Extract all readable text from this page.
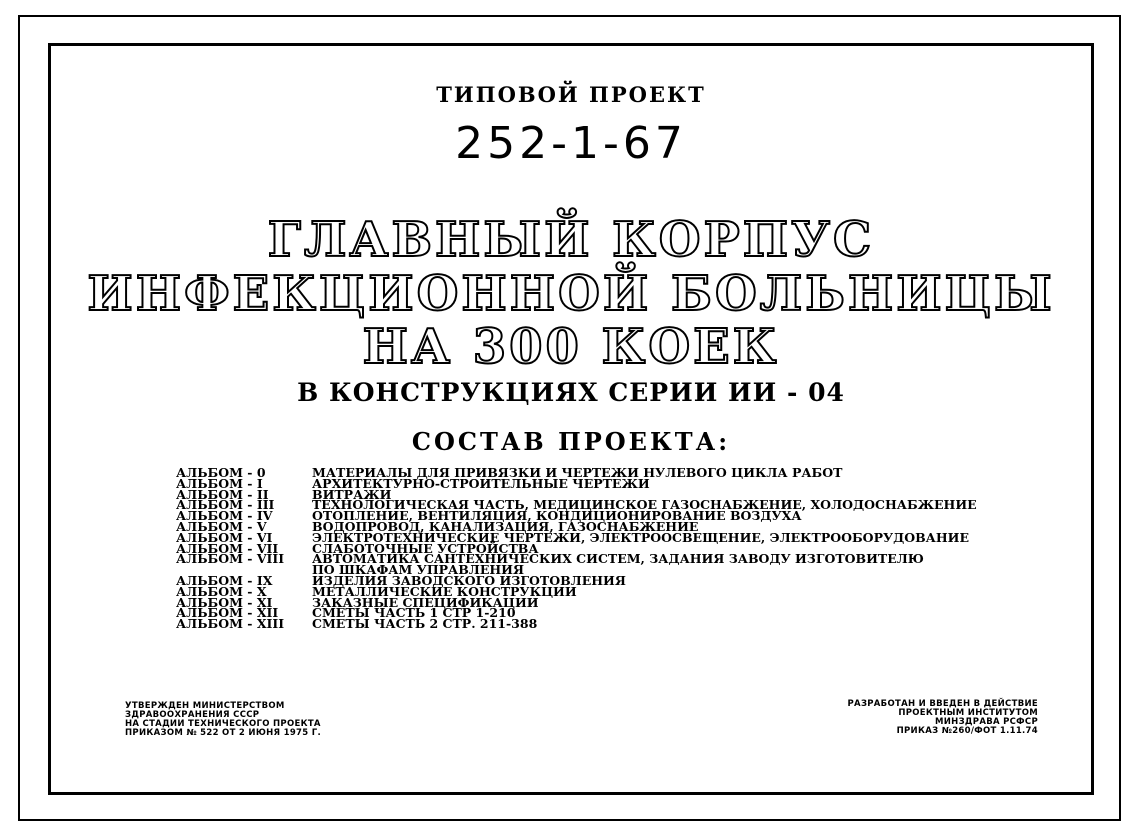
ТИПОВОЙ ПРОЕКТ
252-1-67
ГЛАВНЫЙ КОРПУС
ИНФЕКЦИОННОЙ БОЛЬНИЦЫ
НА 300 КОЕК
В КОНСТРУКЦИЯХ СЕРИИ ИИ - 04
СОСТАВ ПРОЕКТА:
АЛЬБОМ - 0	МАТЕРИАЛЫ ДЛЯ ПРИВЯЗКИ И ЧЕРТЕЖИ НУЛЕВОГО ЦИКЛА РАБОТ
АЛЬБОМ - I	АРХИТЕКТУРНО-СТРОИТЕЛЬНЫЕ ЧЕРТЕЖИ
АЛЬБОМ - II	ВИТРАЖИ
АЛЬБОМ - III	ТЕХНОЛОГИЧЕСКАЯ ЧАСТЬ, МЕДИЦИНСКОЕ ГАЗОСНАБЖЕНИЕ, ХОЛОДОСНАБЖЕНИЕ
АЛЬБОМ - IV	ОТОПЛЕНИЕ, ВЕНТИЛЯЦИЯ, КОНДИЦИОНИРОВАНИЕ ВОЗДУХА
АЛЬБОМ - V	ВОДОПРОВОД, КАНАЛИЗАЦИЯ, ГАЗОСНАБЖЕНИЕ
АЛЬБОМ - VI	ЭЛЕКТРОТЕХНИЧЕСКИЕ ЧЕРТЕЖИ, ЭЛЕКТРООСВЕЩЕНИЕ, ЭЛЕКТРООБОРУДОВАНИЕ
АЛЬБОМ - VII	СЛАБОТОЧНЫЕ УСТРОЙСТВА
АЛЬБОМ - VIII	АВТОМАТИКА САНТЕХНИЧЕСКИХ СИСТЕМ, ЗАДАНИЯ ЗАВОДУ ИЗГОТОВИТЕЛЮ
ПО ШКАФАМ УПРАВЛЕНИЯ
АЛЬБОМ - IX	ИЗДЕЛИЯ ЗАВОДСКОГО ИЗГОТОВЛЕНИЯ
АЛЬБОМ - X	МЕТАЛЛИЧЕСКИЕ КОНСТРУКЦИИ
АЛЬБОМ - XI	ЗАКАЗНЫЕ СПЕЦИФИКАЦИИ
АЛЬБОМ - XII	СМЕТЫ ЧАСТЬ 1 СТР 1-210
АЛЬБОМ - XIII	СМЕТЫ ЧАСТЬ 2 СТР. 211-388
УТВЕРЖДЕН МИНИСТЕРСТВОМ
ЗДРАВООХРАНЕНИЯ СССР
НА СТАДИИ ТЕХНИЧЕСКОГО ПРОЕКТА
ПРИКАЗОМ № 522 ОТ 2 ИЮНЯ 1975 Г.
РАЗРАБОТАН И ВВЕДЕН В ДЕЙСТВИЕ
ПРОЕКТНЫМ ИНСТИТУТОМ
МИНЗДРАВА РСФСР
ПРИКАЗ №260/ФОТ 1.11.74
